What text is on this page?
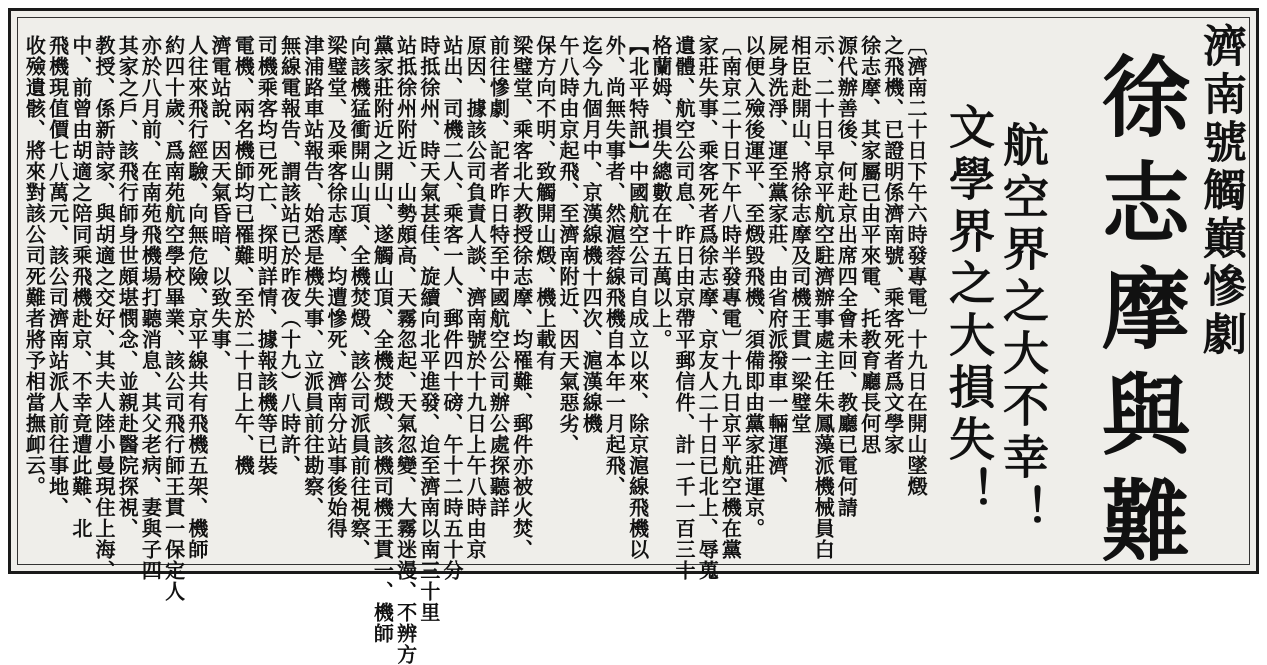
濟南號觸巔慘劇
徐志摩與難
文學界之大損失！ 航空界之大不幸！
〔濟南二十日下午六時發專電〕十九日在開山墜燬
之飛機、已證明係濟南號、乘客死者爲文學家
徐志摩、其家屬已由平來電、托教育廳長何思
源代辦善後、何赴京出席四全會未回、教廳已電何請
示、二十日早京平航空駐濟辦事處主任朱鳳藻派機械員白
相臣赴開山、將徐志摩及司機王貫一梁璧堂
屍身洗淨、運至黨家莊、由省府派撥車一輛運濟、
以便入殮後運平、至燬毀飛機、須備即由黨家莊運京。
〔南京二十日下午八時半發專電〕十九日京平航空機在黨
家莊失事、乘客死者爲徐志摩、京友人二十日已北上、辱蒐
遺體、航空公司息、昨日由京帶平郵信件、計一千一百三十
格蘭姆、損失總數在十五萬以上。
【北平特訊】中國航空公司自成立以來、除京滬線飛機以
外、尚無失事者、然滬蓉線飛機自本年一月起飛、
迄今九個月中、京漢線機十四次、滬漢線機
午八時由京起飛、至濟南附近、因天氣惡劣、
保方向不明、致觸開山燬、機上載有
梁璧堂、乘客北大教授徐志摩、均罹難、郵件亦被火焚、
前往慘劇、記者昨日特至中國航空公司辦公處探聽詳
原因、據該公司負責人談、濟南號於十九日上午八時由京
站出、司機二人、乘客一人、郵件四十磅、午十二時五十分
時抵徐州、時天氣甚佳、旋續向北平進發、迨至濟南以南三十里
站抵徐州附近、山勢頗高、天霧忽起、天氣忽變、大霧迷漫、不辨方
黨家莊附近之開山、遂觸山頂、全機焚燬、該機司機王貫一、機師
向該機猛衝開山山頂、全機焚燬、該公司派員前往視察、
梁璧堂、及乘客徐志摩、均遭慘死、濟南分站事後始得
津浦路車站報告、始悉是機失事、立派員前往勘察、
無線電報告、謂該站已於昨夜（十九）八時許、
司機乘客均已死亡、探明詳情、據報該機等已裝
電機、兩名機師均已罹難、至於二十日上午、機
濟電站說、因天氣昏暗、以致失事、
人往來飛行經驗、向無危險、京平線共有飛機五架、機師
約四十歲、爲南苑航空學校畢業、該公司飛行師王貫一保定人
亦於八月前、在南苑飛機場打聽消息、其父老病、妻與子四
其家之戶、該飛行師身世頗堪憫念、並親赴醫院探視、
教授、係新詩家、與胡適之交好、其夫人陸小曼現住上海、
中、前曾由胡適之陪同乘飛機赴京、不幸竟遭此難、北
飛機現值價七八萬元、該公司濟南站派人前往事地、
收殮遺骸、將來對該公司死難者將予相當撫卹云。
